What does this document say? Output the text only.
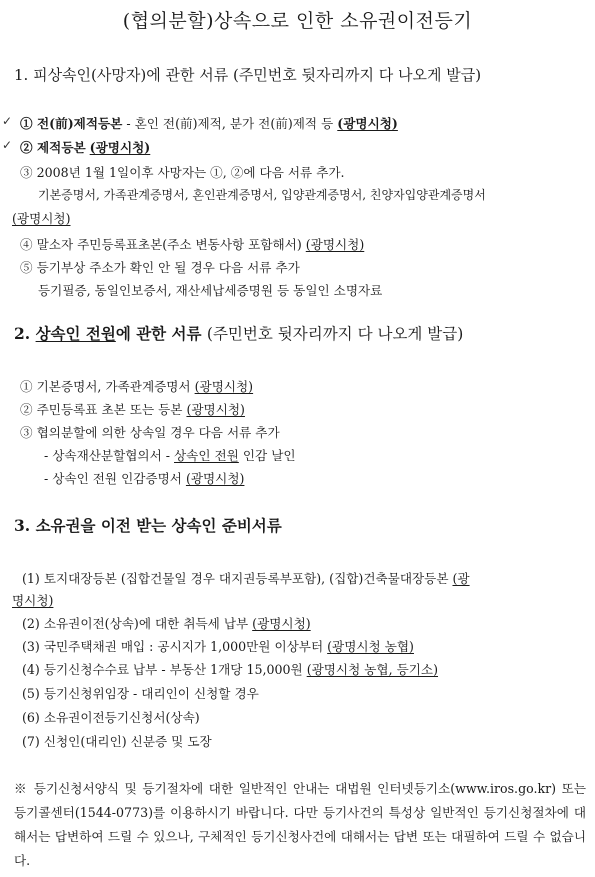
(협의분할)상속으로 인한 소유권이전등기
1. 피상속인(사망자)에 관한 서류 (주민번호 뒷자리까지 다 나오게 발급)
✓ ① 전(前)제적등본 - 혼인 전(前)제적, 분가 전(前)제적 등 (광명시청)
✓ ② 제적등본 (광명시청)
③ 2008년 1월 1일이후 사망자는 ①, ②에 다음 서류 추가.
기본증명서, 가족관계증명서, 혼인관계증명서, 입양관계증명서, 친양자입양관계증명서
(광명시청)
④ 말소자 주민등록표초본(주소 변동사항 포함해서) (광명시청)
⑤ 등기부상 주소가 확인 안 될 경우 다음 서류 추가
등기필증, 동일인보증서, 재산세납세증명원 등 동일인 소명자료
2. 상속인 전원에 관한 서류 (주민번호 뒷자리까지 다 나오게 발급)
① 기본증명서, 가족관계증명서 (광명시청)
② 주민등록표 초본 또는 등본 (광명시청)
③ 협의분할에 의한 상속일 경우 다음 서류 추가
- 상속재산분할협의서 - 상속인 전원 인감 날인
- 상속인 전원 인감증명서 (광명시청)
3. 소유권을 이전 받는 상속인 준비서류
(1) 토지대장등본 (집합건물일 경우 대지권등록부포함), (집합)건축물대장등본 (광
명시청)
(2) 소유권이전(상속)에 대한 취득세 납부 (광명시청)
(3) 국민주택채권 매입 : 공시지가 1,000만원 이상부터 (광명시청 농협)
(4) 등기신청수수료 납부 - 부동산 1개당 15,000원 (광명시청 농협, 등기소)
(5) 등기신청위임장 - 대리인이 신청할 경우
(6) 소유권이전등기신청서(상속)
(7) 신청인(대리인) 신분증 및 도장
※ 등기신청서양식 및 등기절차에 대한 일반적인 안내는 대법원 인터넷등기소(www.iros.go.kr) 또는 등기콜센터(1544-0773)를 이용하시기 바랍니다. 다만 등기사건의 특성상 일반적인 등기신청절차에 대해서는 답변하여 드릴 수 있으나, 구체적인 등기신청사건에 대해서는 답변 또는 대필하여 드릴 수 없습니다.
